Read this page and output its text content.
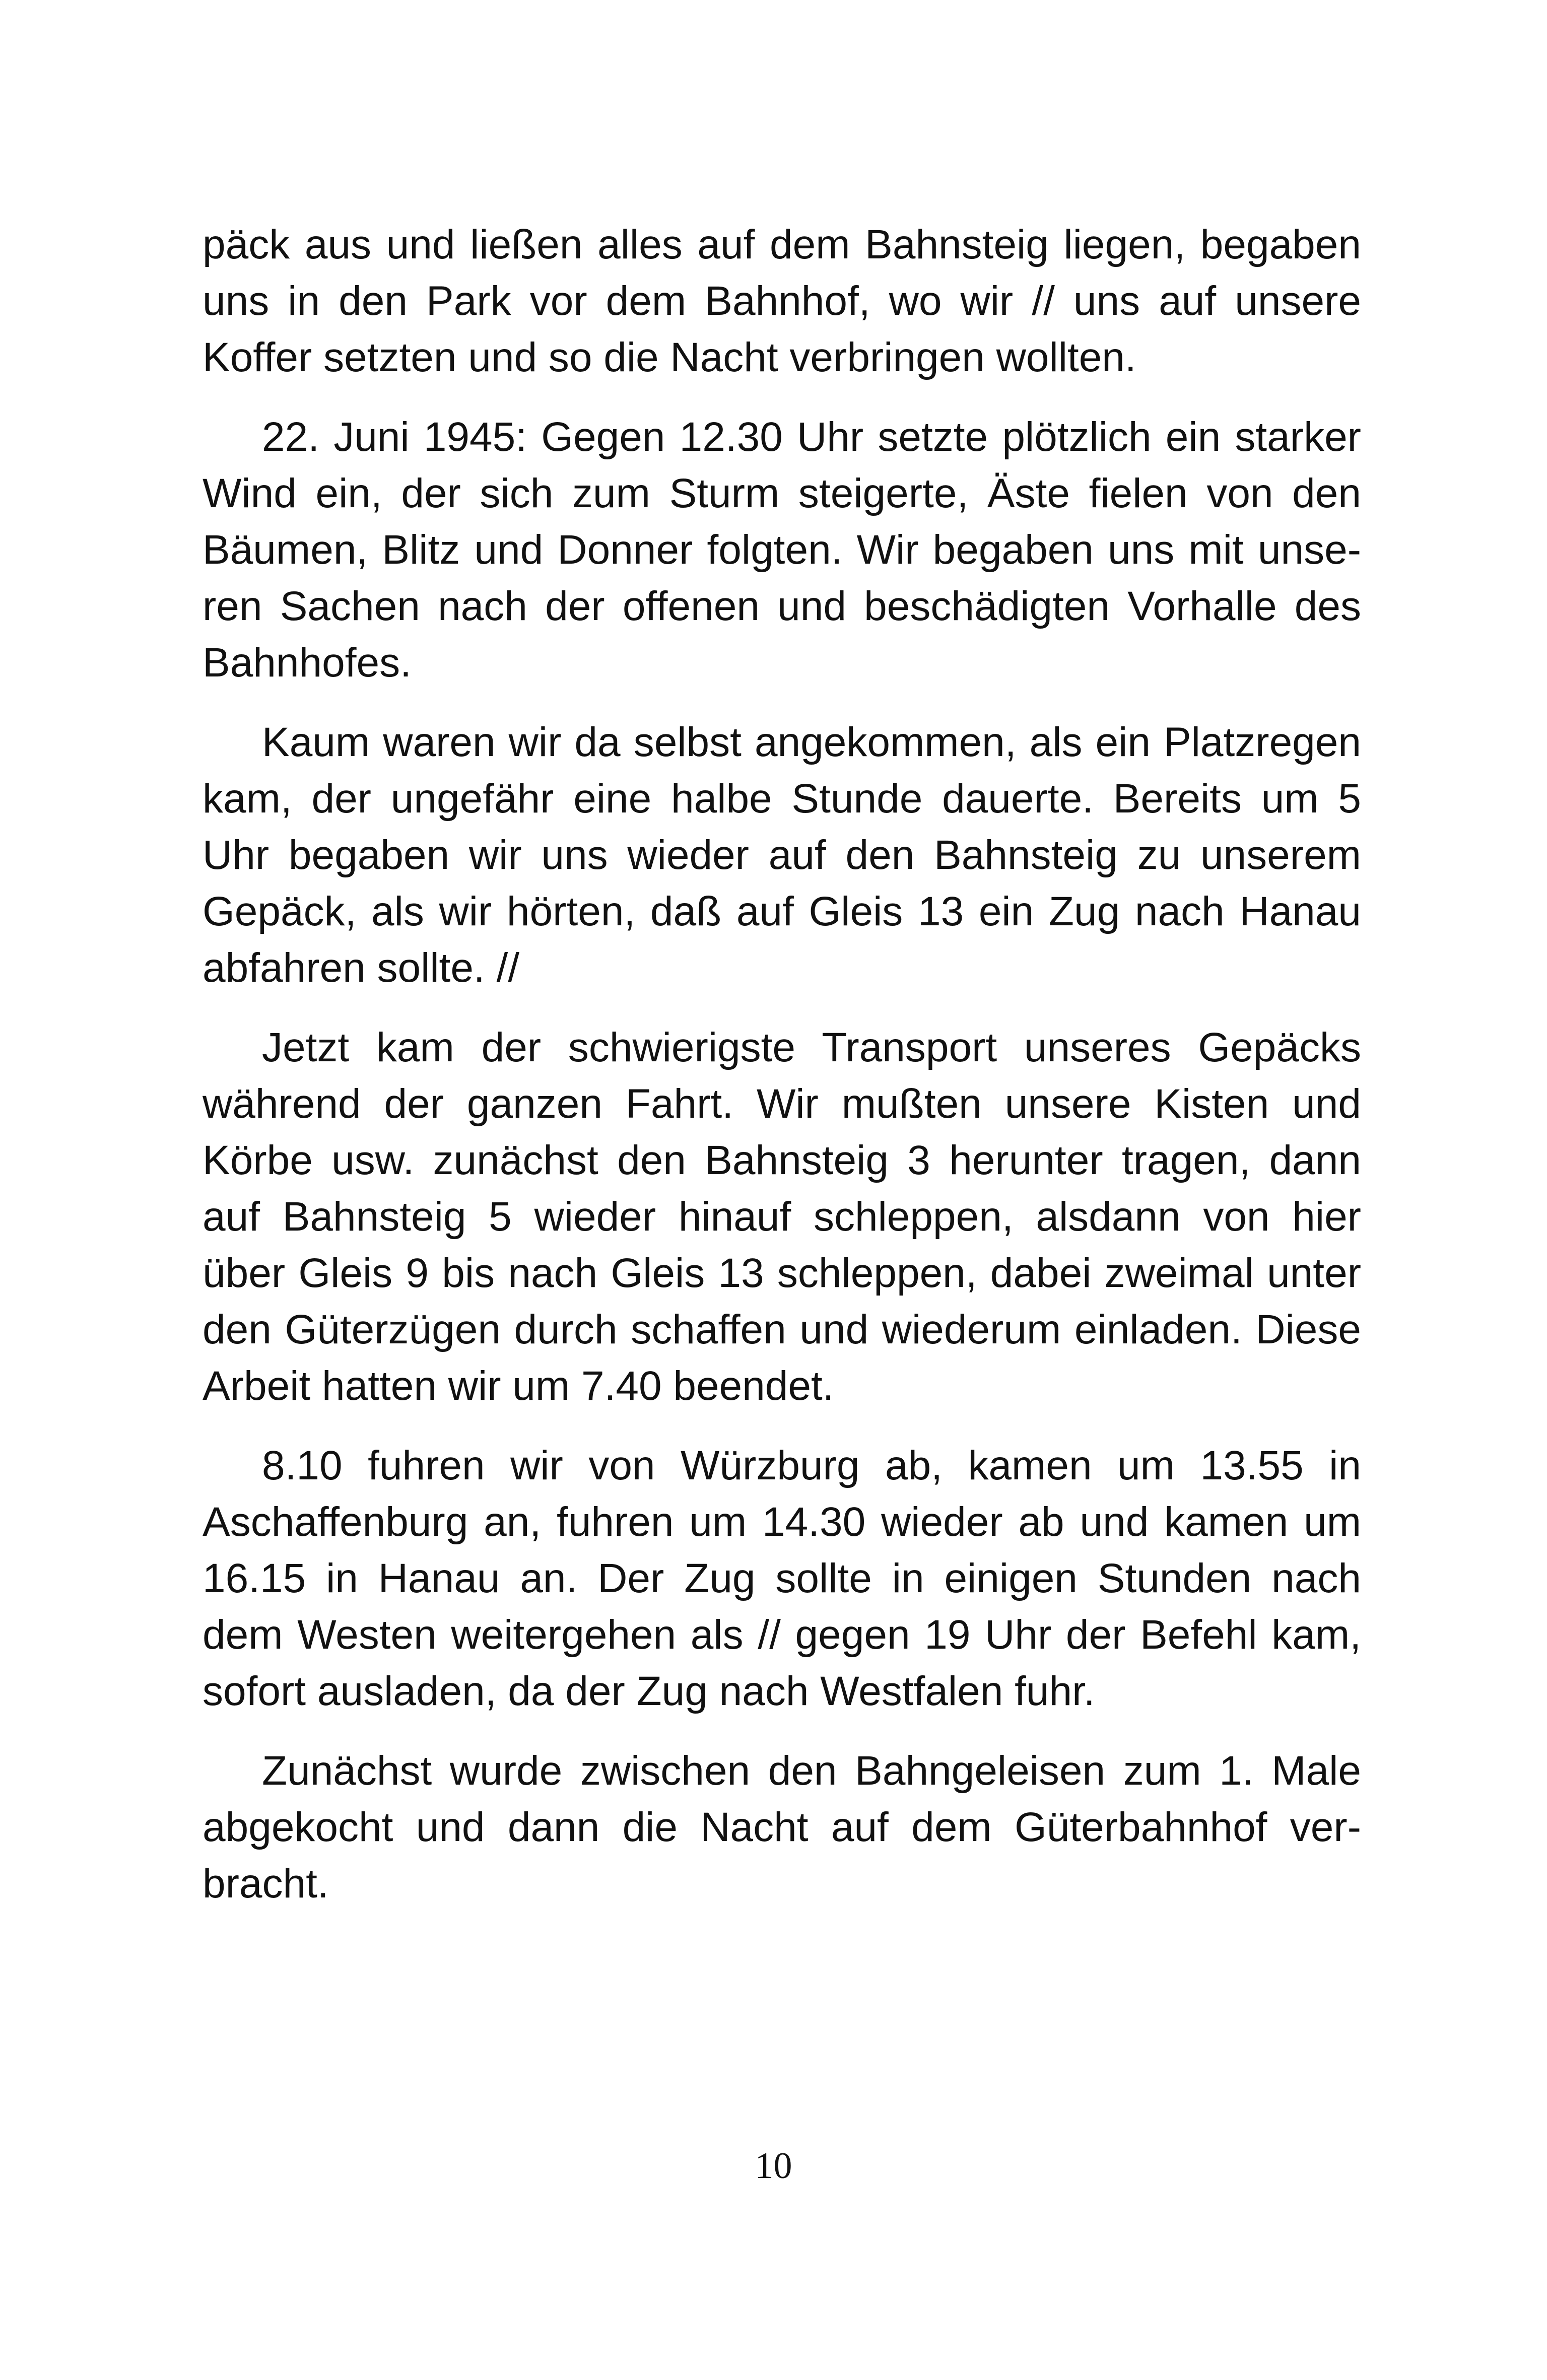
päck aus und ließen alles auf dem Bahnsteig liegen, begaben uns in den Park vor dem Bahnhof, wo wir // uns auf unsere Koffer setzten und so die Nacht verbringen wollten.

22. Juni 1945: Gegen 12.30 Uhr setzte plötzlich ein starker Wind ein, der sich zum Sturm steigerte, Äste fielen von den Bäumen, Blitz und Donner folgten. Wir begaben uns mit unseren Sachen nach der offenen und beschädigten Vorhalle des Bahnhofes.

Kaum waren wir da selbst angekommen, als ein Platzregen kam, der ungefähr eine halbe Stunde dauerte. Bereits um 5 Uhr begaben wir uns wieder auf den Bahnsteig zu unserem Gepäck, als wir hörten, daß auf Gleis 13 ein Zug nach Hanau abfahren sollte. //

Jetzt kam der schwierigste Transport unseres Gepäcks während der ganzen Fahrt. Wir mußten unsere Kisten und Körbe usw. zunächst den Bahnsteig 3 herunter tragen, dann auf Bahnsteig 5 wieder hinauf schleppen, alsdann von hier über Gleis 9 bis nach Gleis 13 schleppen, dabei zweimal unter den Güterzügen durch schaffen und wiederum einladen. Diese Arbeit hatten wir um 7.40 beendet.

8.10 fuhren wir von Würzburg ab, kamen um 13.55 in Aschaffenburg an, fuhren um 14.30 wieder ab und kamen um 16.15 in Hanau an. Der Zug sollte in einigen Stunden nach dem Westen weitergehen als // gegen 19 Uhr der Befehl kam, sofort ausladen, da der Zug nach Westfalen fuhr.

Zunächst wurde zwischen den Bahngeleisen zum 1. Male abgekocht und dann die Nacht auf dem Güterbahnhof verbracht.

10
